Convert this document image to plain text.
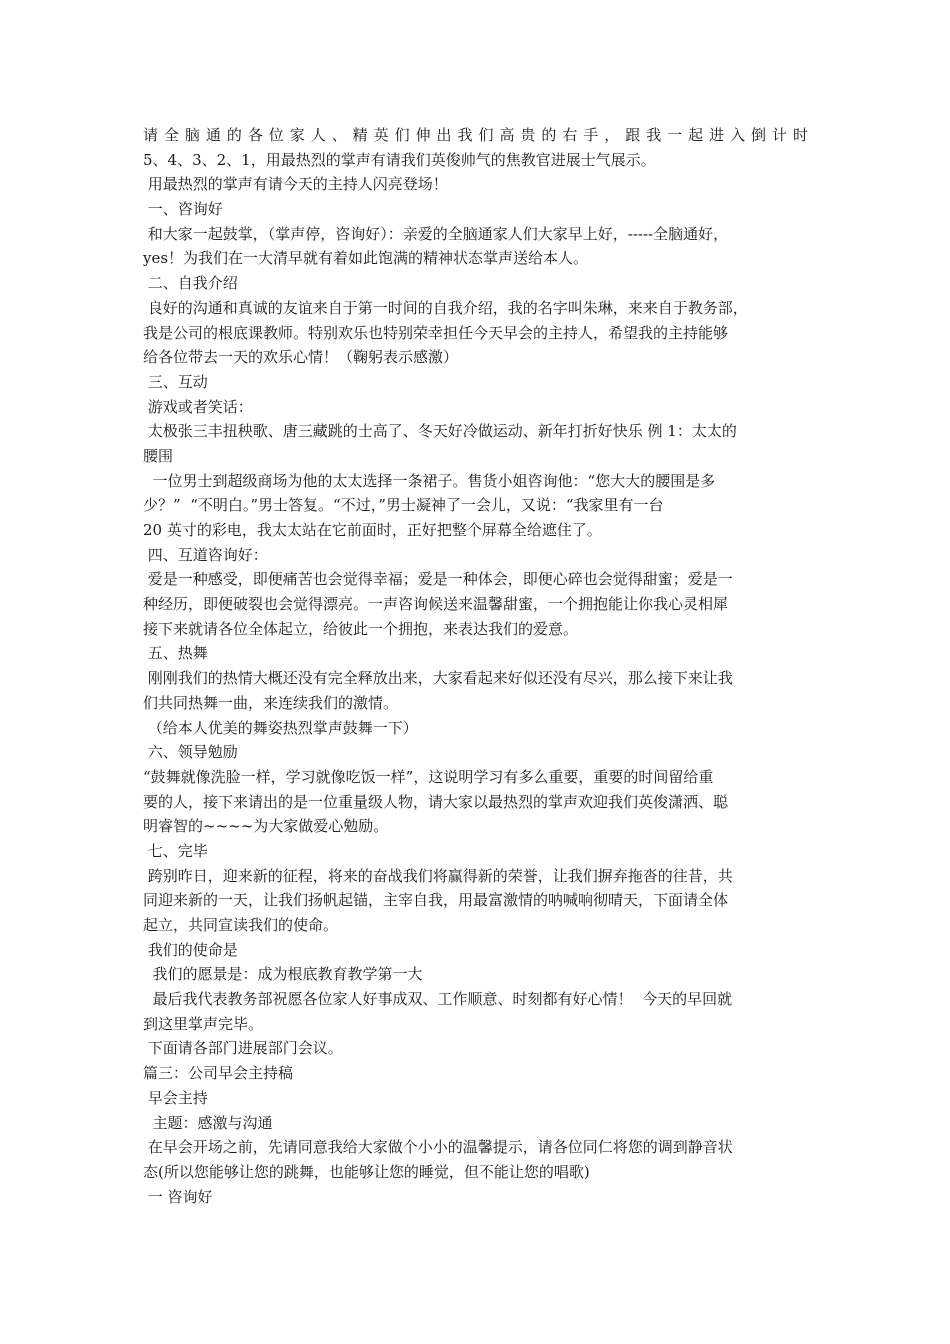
请全脑通的各位家人、精英们伸出我们高贵的右手，跟我一起进入倒计时
5、4、3、2、1，用最热烈的掌声有请我们英俊帅气的焦教官进展士气展示。
用最热烈的掌声有请今天的主持人闪亮登场！
一、咨询好
和大家一起鼓掌，（掌声停，咨询好）：亲爱的全脑通家人们大家早上好，-----全脑通好，
yes！为我们在一大清早就有着如此饱满的精神状态掌声送给本人。
二、自我介绍
良好的沟通和真诚的友谊来自于第一时间的自我介绍，我的名字叫朱琳，来来自于教务部，
我是公司的根底课教师。特别欢乐也特别荣幸担任今天早会的主持人，希望我的主持能够
给各位带去一天的欢乐心情！（鞠躬表示感激）
三、互动
游戏或者笑话：
太极张三丰扭秧歌、唐三藏跳的士高了、冬天好冷做运动、新年打折好快乐 例 1：太太的
腰围
一位男士到超级商场为他的太太选择一条裙子。售货小姐咨询他：“您大大的腰围是多
少？”  “不明白。”男士答复。“不过，”男士凝神了一会儿，又说：“我家里有一台
20 英寸的彩电，我太太站在它前面时，正好把整个屏幕全给遮住了。
四、互道咨询好：
爱是一种感受，即便痛苦也会觉得幸福；爱是一种体会，即便心碎也会觉得甜蜜；爱是一
种经历，即便破裂也会觉得漂亮。一声咨询候送来温馨甜蜜，一个拥抱能让你我心灵相犀
接下来就请各位全体起立，给彼此一个拥抱，来表达我们的爱意。
五、热舞
刚刚我们的热情大概还没有完全释放出来，大家看起来好似还没有尽兴，那么接下来让我
们共同热舞一曲，来连续我们的激情。
（给本人优美的舞姿热烈掌声鼓舞一下）
六、领导勉励
“鼓舞就像洗脸一样，学习就像吃饭一样”，这说明学习有多么重要，重要的时间留给重
要的人，接下来请出的是一位重量级人物，请大家以最热烈的掌声欢迎我们英俊潇洒、聪
明睿智的~~~~为大家做爱心勉励。
七、完毕
跨别昨日，迎来新的征程，将来的奋战我们将赢得新的荣誉，让我们摒弃拖沓的往昔，共
同迎来新的一天，让我们扬帆起锚，主宰自我，用最富激情的呐喊响彻晴天，下面请全体
起立，共同宣读我们的使命。
我们的使命是
我们的愿景是：成为根底教育教学第一大
最后我代表教务部祝愿各位家人好事成双、工作顺意、时刻都有好心情！  今天的早回就
到这里掌声完毕。
下面请各部门进展部门会议。
篇三：公司早会主持稿
早会主持
主题：感激与沟通
在早会开场之前，先请同意我给大家做个小小的温馨提示，请各位同仁将您的调到静音状
态(所以您能够让您的跳舞，也能够让您的睡觉，但不能让您的唱歌)
一 咨询好
